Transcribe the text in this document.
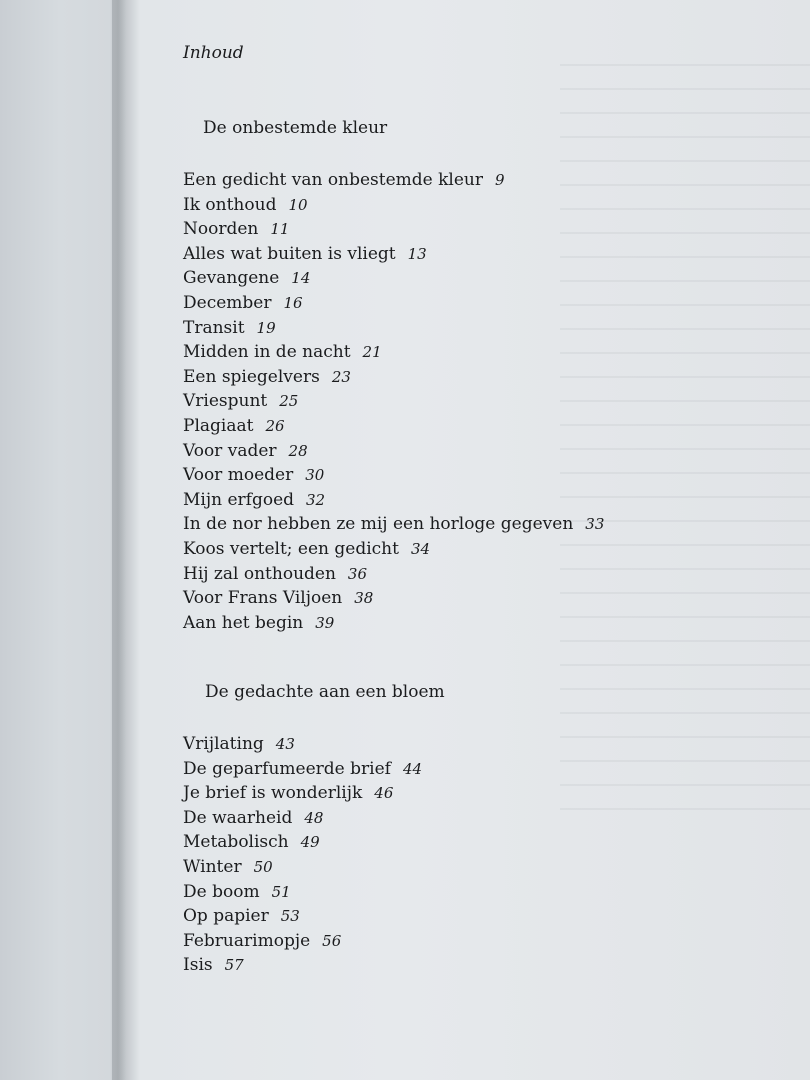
Inhoud
De onbestemde kleur
Een gedicht van onbestemde kleur 9
Ik onthoud 10
Noorden 11
Alles wat buiten is vliegt 13
Gevangene 14
December 16
Transit 19
Midden in de nacht 21
Een spiegelvers 23
Vriespunt 25
Plagiaat 26
Voor vader 28
Voor moeder 30
Mijn erfgoed 32
In de nor hebben ze mij een horloge gegeven 33
Koos vertelt; een gedicht 34
Hij zal onthouden 36
Voor Frans Viljoen 38
Aan het begin 39
De gedachte aan een bloem
Vrijlating 43
De geparfumeerde brief 44
Je brief is wonderlijk 46
De waarheid 48
Metabolisch 49
Winter 50
De boom 51
Op papier 53
Februarimopje 56
Isis 57
